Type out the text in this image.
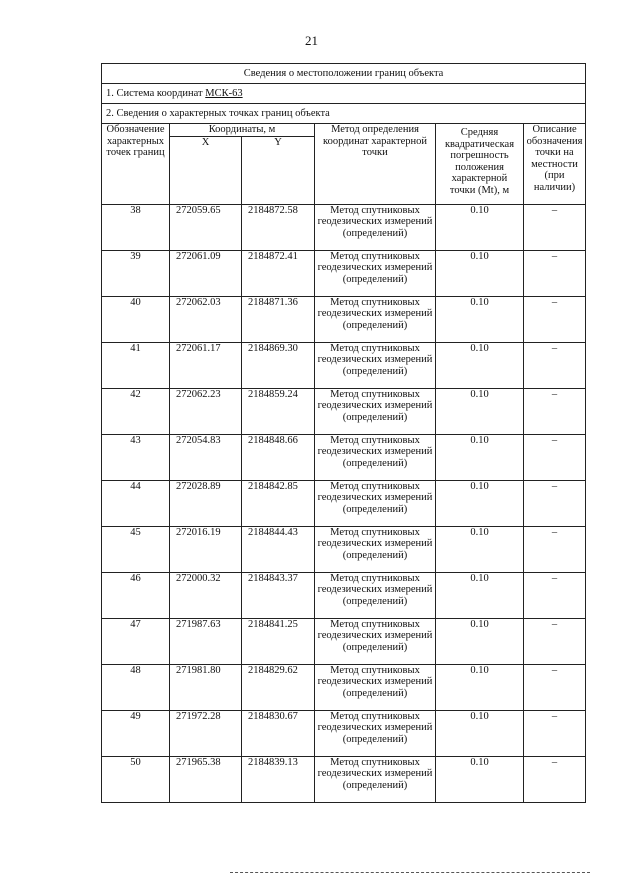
21
Сведения о местоположении границ объекта					
1. Система координат МСК-63					
2. Сведения о характерных точках границ объекта					
Обозначение характерных точек границ	Координаты, м		Метод определения координат характерной точки	Средняя квадратическая погрешность положения характерной точки (Mt), м	Описание обозначения точки на местности (при наличии)
	X	Y			
38	272059.65	2184872.58	Метод спутниковых геодезических измерений (определений)	0.10	–
39	272061.09	2184872.41	Метод спутниковых геодезических измерений (определений)	0.10	–
40	272062.03	2184871.36	Метод спутниковых геодезических измерений (определений)	0.10	–
41	272061.17	2184869.30	Метод спутниковых геодезических измерений (определений)	0.10	–
42	272062.23	2184859.24	Метод спутниковых геодезических измерений (определений)	0.10	–
43	272054.83	2184848.66	Метод спутниковых геодезических измерений (определений)	0.10	–
44	272028.89	2184842.85	Метод спутниковых геодезических измерений (определений)	0.10	–
45	272016.19	2184844.43	Метод спутниковых геодезических измерений (определений)	0.10	–
46	272000.32	2184843.37	Метод спутниковых геодезических измерений (определений)	0.10	–
47	271987.63	2184841.25	Метод спутниковых геодезических измерений (определений)	0.10	–
48	271981.80	2184829.62	Метод спутниковых геодезических измерений (определений)	0.10	–
49	271972.28	2184830.67	Метод спутниковых геодезических измерений (определений)	0.10	–
50	271965.38	2184839.13	Метод спутниковых геодезических измерений (определений)	0.10	–
